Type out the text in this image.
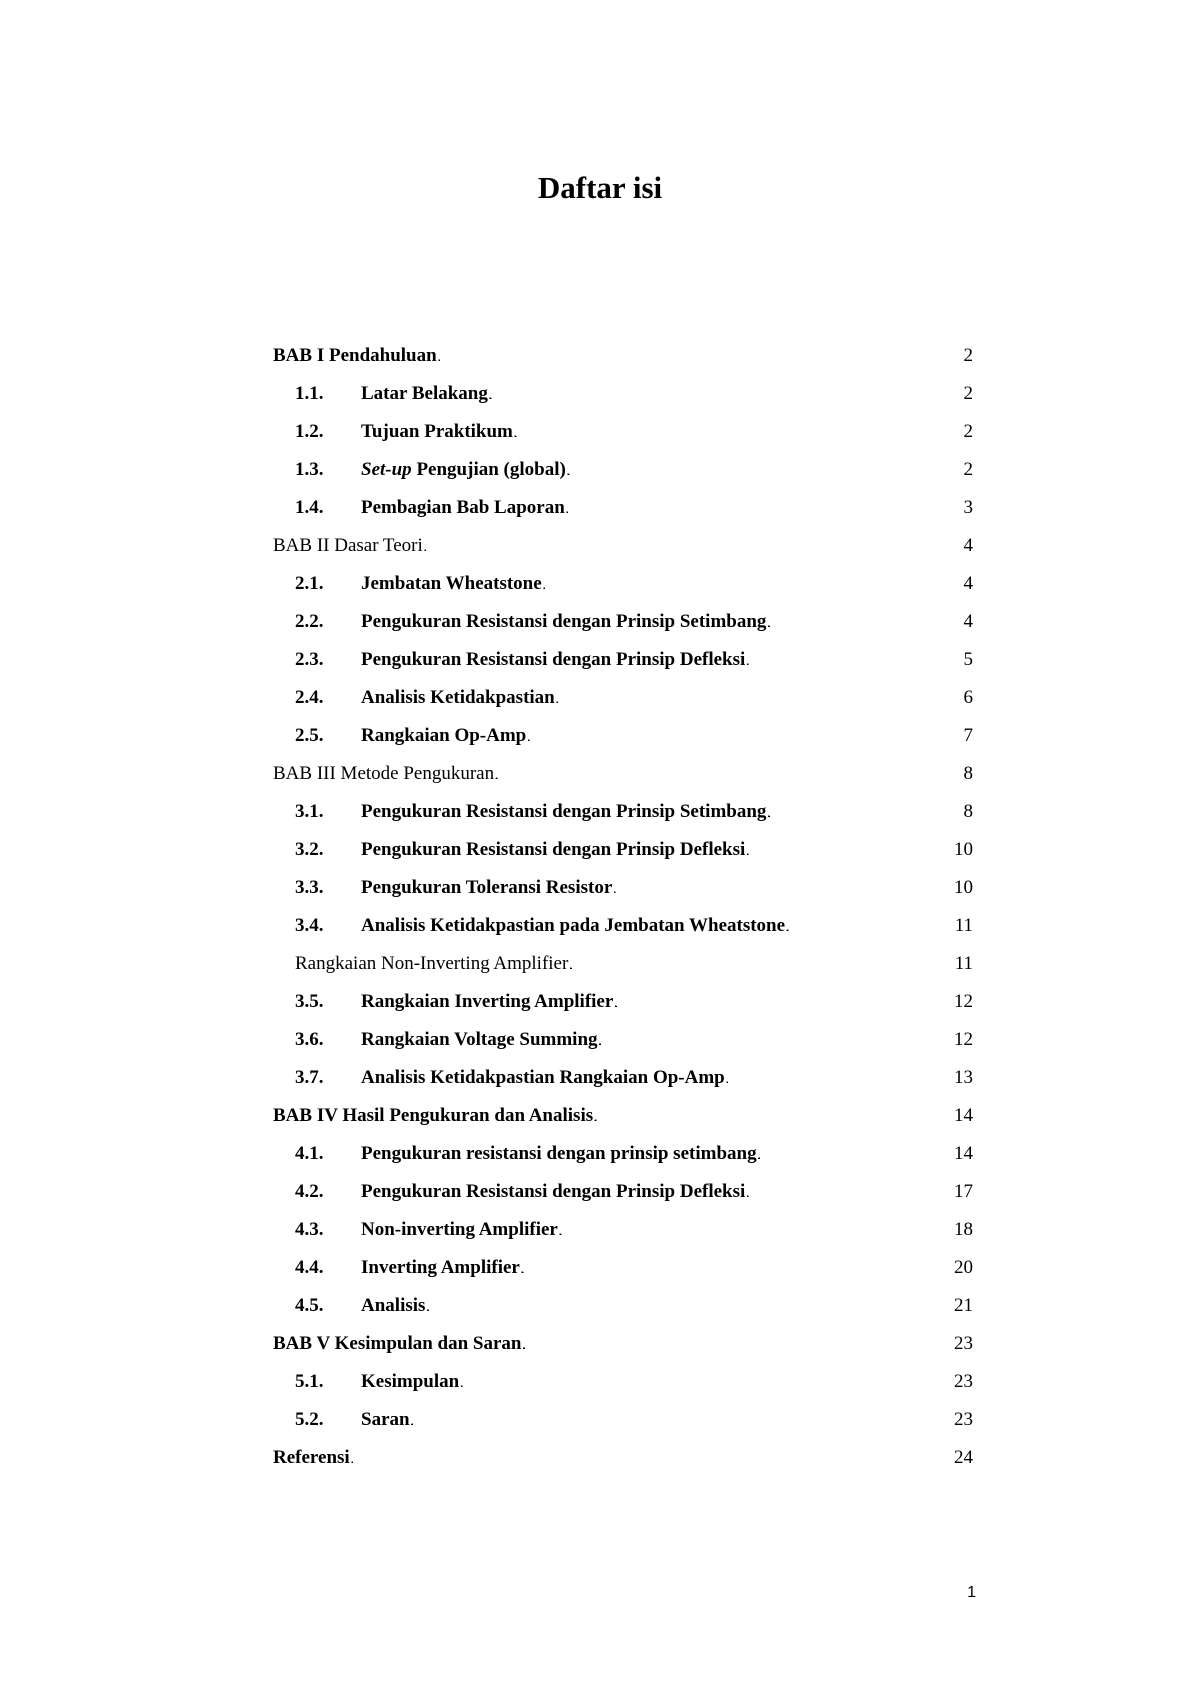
Daftar isi
BAB I Pendahuluan . . .	2
1.1.	Latar Belakang . . .	2
1.2.	Tujuan Praktikum . . .	2
1.3.	Set-up Pengujian (global) . . .	2
1.4.	Pembagian Bab Laporan . . .	3
BAB II Dasar Teori . . .	4
2.1.	Jembatan Wheatstone . . .	4
2.2.	Pengukuran Resistansi dengan Prinsip Setimbang . . .	4
2.3.	Pengukuran Resistansi dengan Prinsip Defleksi . . .	5
2.4.	Analisis Ketidakpastian . . .	6
2.5.	Rangkaian Op-Amp . . .	7
BAB III Metode Pengukuran . . .	8
3.1.	Pengukuran Resistansi dengan Prinsip Setimbang . . .	8
3.2.	Pengukuran Resistansi dengan Prinsip Defleksi . . .	10
3.3.	Pengukuran Toleransi Resistor . . .	10
3.4.	Analisis Ketidakpastian pada Jembatan Wheatstone . . .	11
Rangkaian Non-Inverting Amplifier . . .	11
3.5.	Rangkaian Inverting Amplifier . . .	12
3.6.	Rangkaian Voltage Summing . . .	12
3.7.	Analisis Ketidakpastian Rangkaian Op-Amp . . .	13
BAB IV Hasil Pengukuran dan Analisis . . .	14
4.1.	Pengukuran resistansi dengan prinsip setimbang . . .	14
4.2.	Pengukuran Resistansi dengan Prinsip Defleksi . . .	17
4.3.	Non-inverting Amplifier . . .	18
4.4.	Inverting Amplifier . . .	20
4.5.	Analisis . . .	21
BAB V Kesimpulan dan Saran . . .	23
5.1.	Kesimpulan . . .	23
5.2.	Saran . . .	23
Referensi . . .	24
1
